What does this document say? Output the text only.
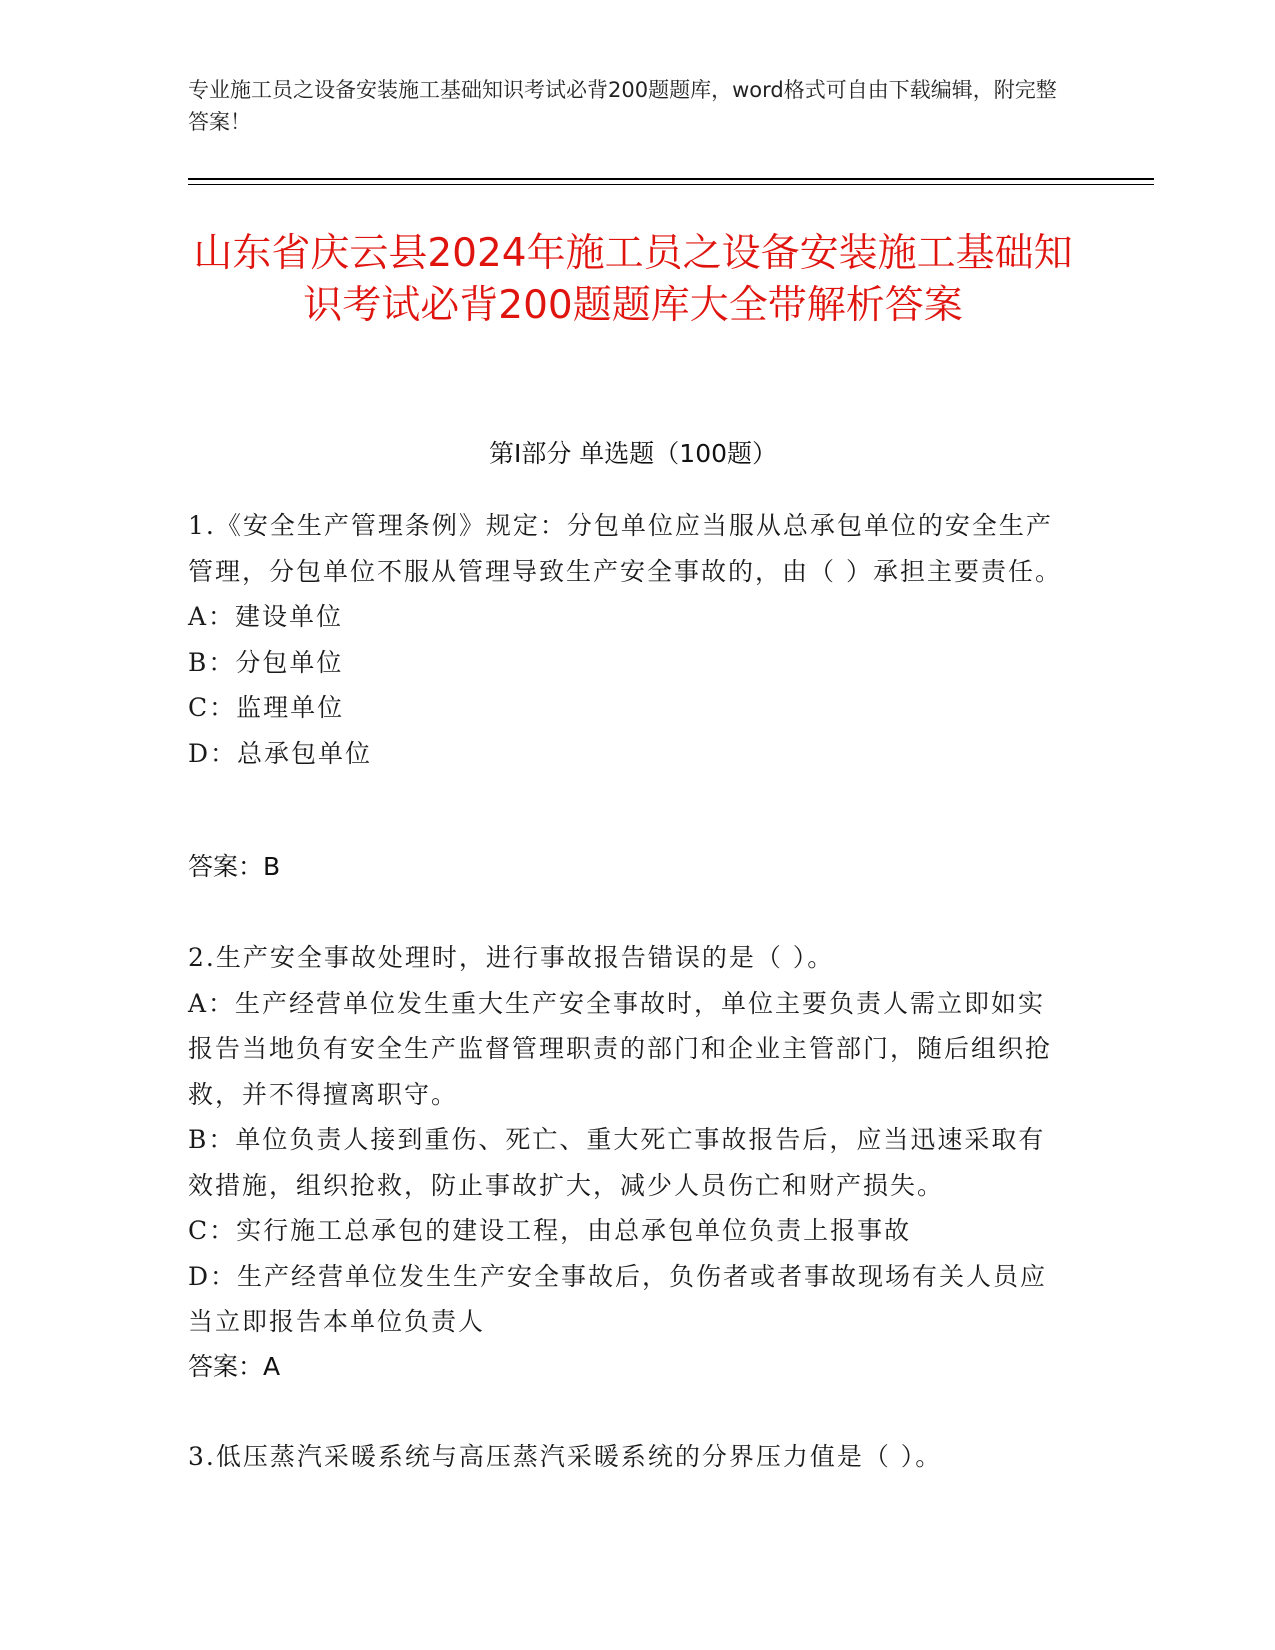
专业施工员之设备安装施工基础知识考试必背200题题库，word格式可自由下载编辑，附完整答案！
山东省庆云县2024年施工员之设备安装施工基础知识考试必背200题题库大全带解析答案
第Ⅰ部分 单选题（100题）
1.《安全生产管理条例》规定：分包单位应当服从总承包单位的安全生产管理，分包单位不服从管理导致生产安全事故的，由（ ）承担主要责任。
A：建设单位
B：分包单位
C：监理单位
D：总承包单位
答案：B
2.生产安全事故处理时，进行事故报告错误的是（ ）。
A：生产经营单位发生重大生产安全事故时，单位主要负责人需立即如实报告当地负有安全生产监督管理职责的部门和企业主管部门，随后组织抢救，并不得擅离职守。
B：单位负责人接到重伤、死亡、重大死亡事故报告后，应当迅速采取有效措施，组织抢救，防止事故扩大，减少人员伤亡和财产损失。
C：实行施工总承包的建设工程，由总承包单位负责上报事故
D：生产经营单位发生生产安全事故后，负伤者或者事故现场有关人员应当立即报告本单位负责人
答案：A
3.低压蒸汽采暖系统与高压蒸汽采暖系统的分界压力值是（ ）。
